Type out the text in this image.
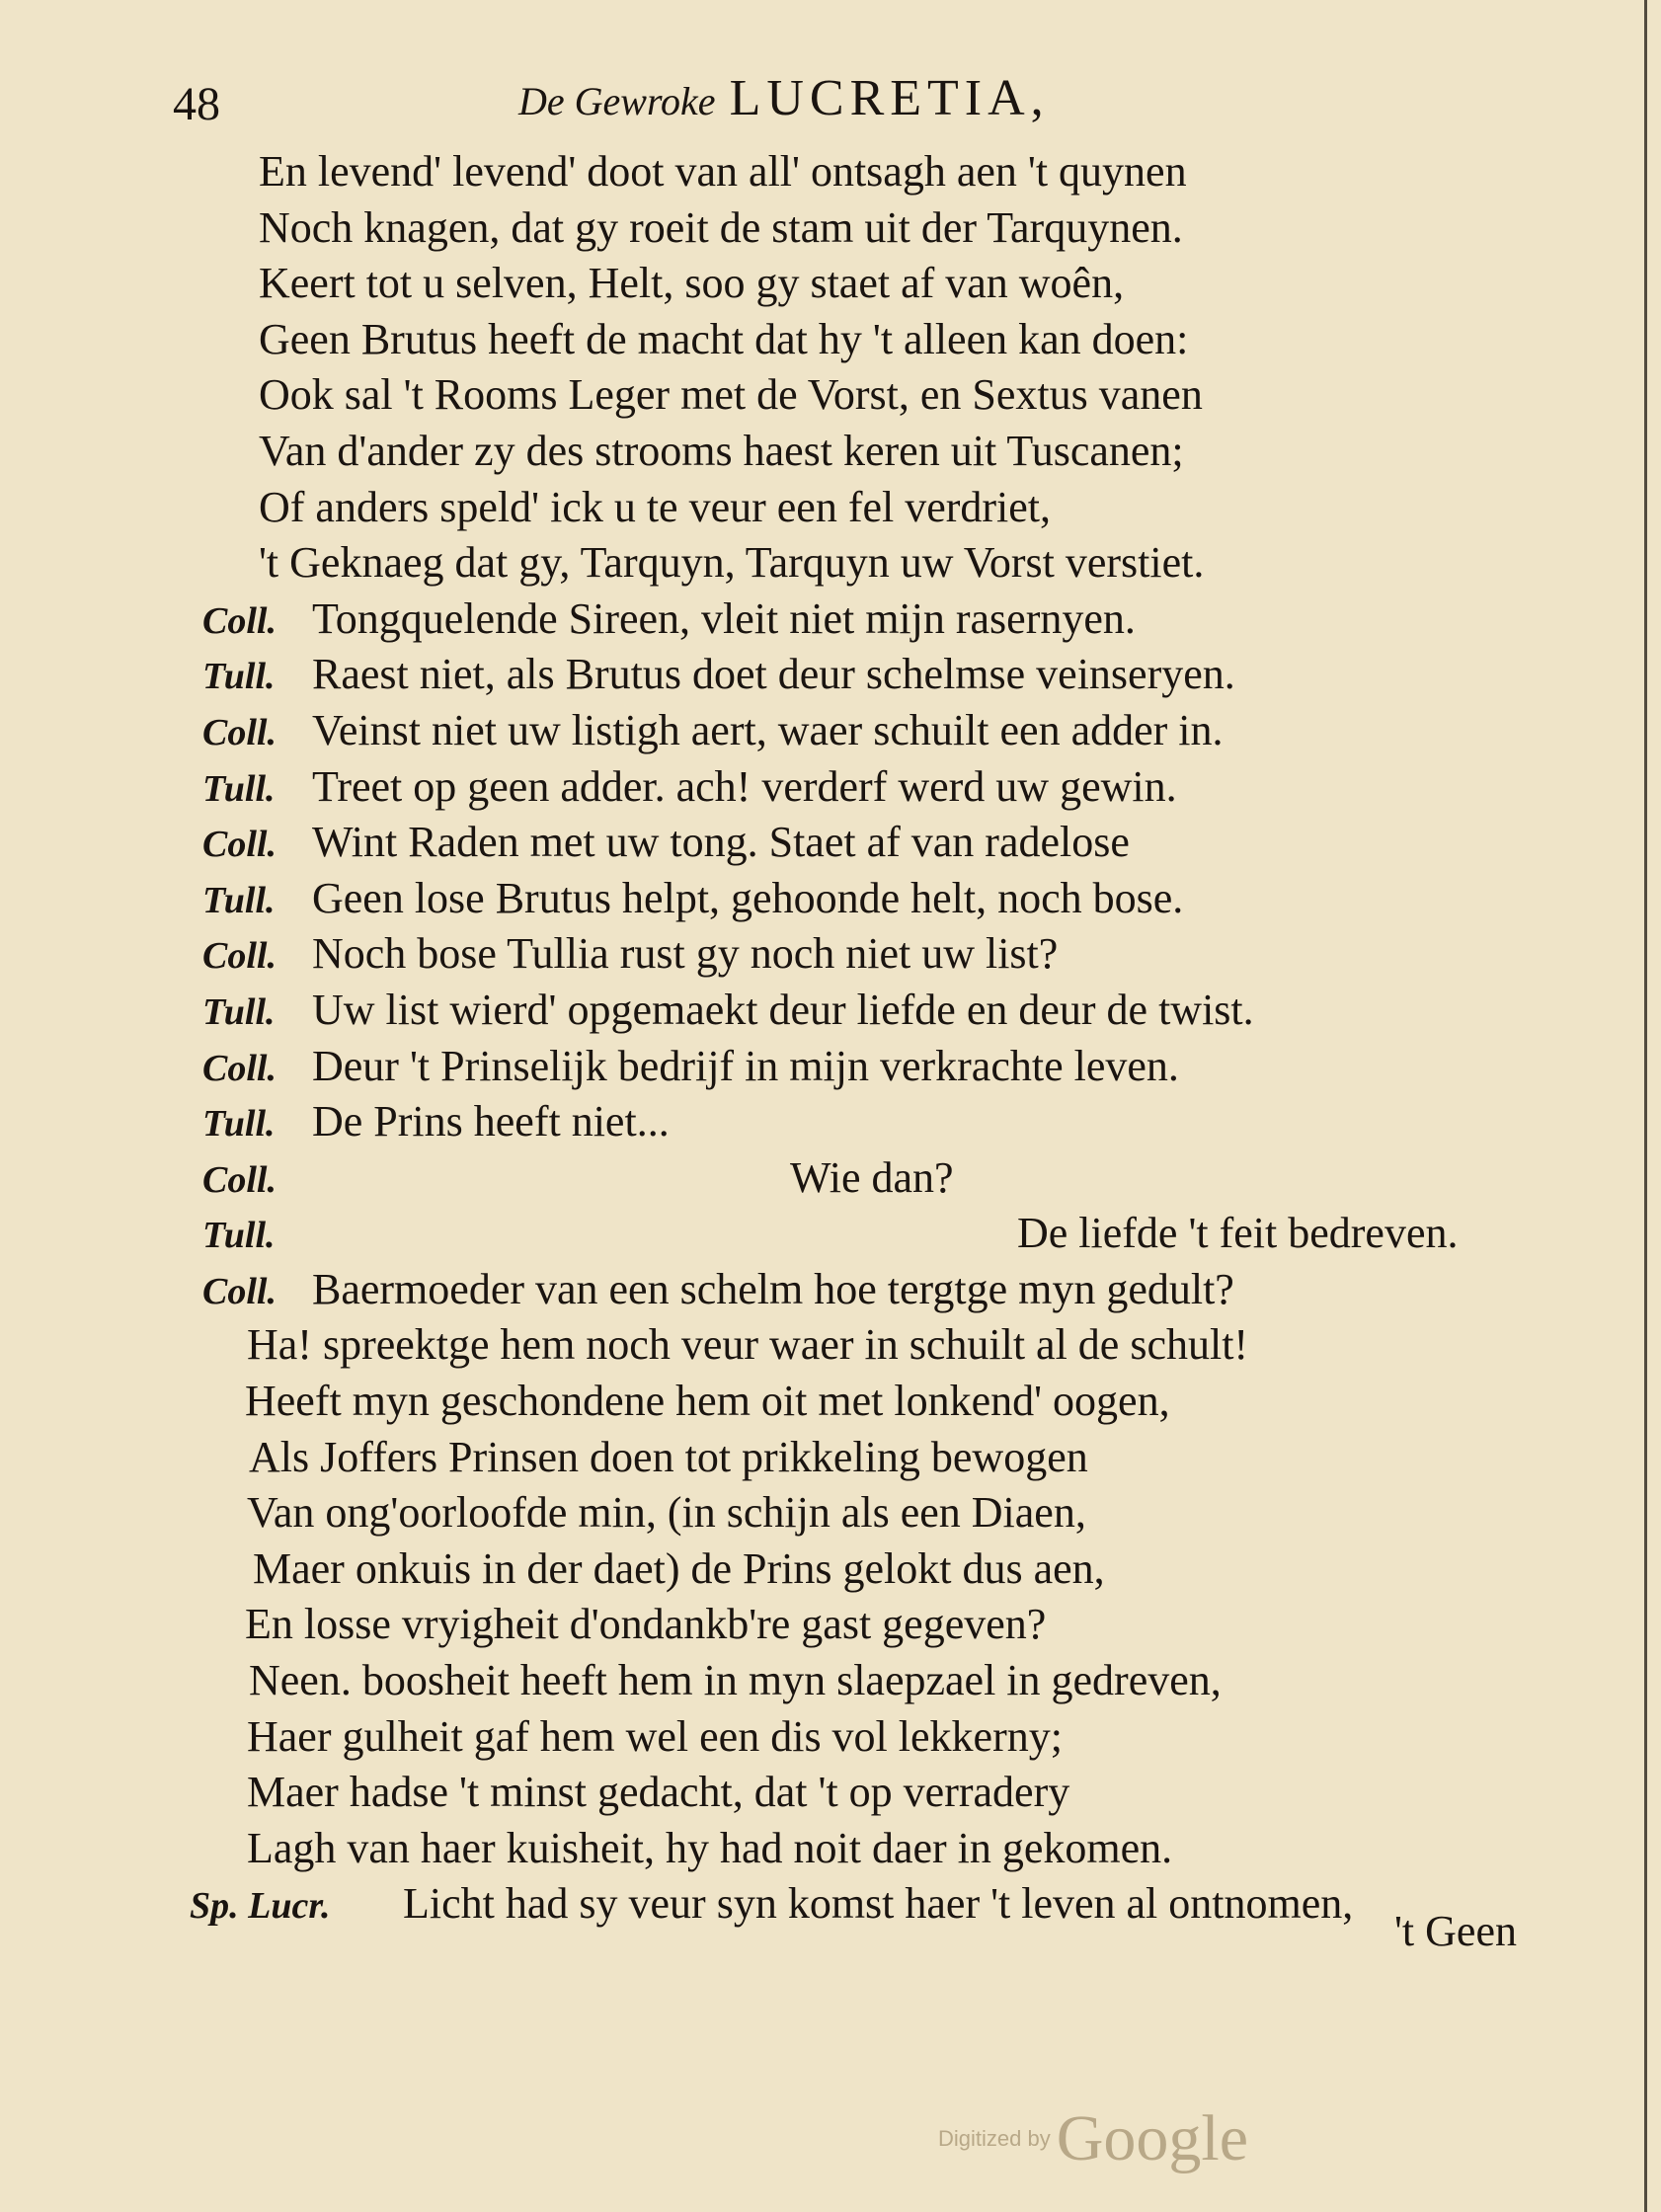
48	De Gewroke LUCRETIA,
En levend' levend' doot van all' ontsagh aen 't quynen
Noch knagen, dat gy roeit de stam uit der Tarquynen.
Keert tot u selven, Helt, soo gy staet af van woên,
Geen Brutus heeft de macht dat hy 't alleen kan doen:
Ook sal 't Rooms Leger met de Vorst, en Sextus vanen
Van d'ander zy des strooms haest keren uit Tuscanen;
Of anders speld' ick u te veur een fel verdriet,
't Geknaeg dat gy, Tarquyn, Tarquyn uw Vorst verstiet.
Coll. Tongquelende Sireen, vleit niet mijn rasernyen.
Tull. Raest niet, als Brutus doet deur schelmse veinseryen.
Coll. Veinst niet uw listigh aert, waer schuilt een adder in.
Tull. Treet op geen adder. ach! verderf werd uw gewin.
Coll. Wint Raden met uw tong. Staet af van radelose
Tull. Geen lose Brutus helpt, gehoonde helt, noch bose.
Coll. Noch bose Tullia rust gy noch niet uw list?
Tull. Uw list wierd' opgemaekt deur liefde en deur de twist.
Coll. Deur 't Prinselijk bedrijf in mijn verkrachte leven.
Tull. De Prins heeft niet...
Coll.	Wie dan?
Tull.	De liefde 't feit bedreven.
Coll. Baermoeder van een schelm hoe tergtge myn gedult?
Ha! spreektge hem noch veur waer in schuilt al de schult!
Heeft myn geschondene hem oit met lonkend' oogen,
Als Joffers Prinsen doen tot prikkeling bewogen
Van ong'oorloofde min, (in schijn als een Diaen,
Maer onkuis in der daet) de Prins gelokt dus aen,
En losse vryigheit d'ondankb're gast gegeven?
Neen. boosheit heeft hem in myn slaepzael in gedreven,
Haer gulheit gaf hem wel een dis vol lekkerny;
Maer hadse 't minst gedacht, dat 't op verradery
Lagh van haer kuisheit, hy had noit daer in gekomen.
Sp. Lucr. Licht had sy veur syn komst haer 't leven al ontnomen,
't Geen
Digitized byGoogle
